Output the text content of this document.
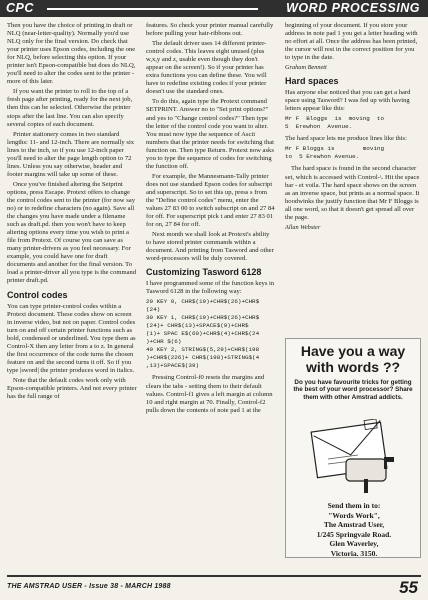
CPC	WORD PROCESSING

Then you have the choice of printing in draft or NLQ (near-letter-quality). Normally you'd use NLQ only for the final version. Do check that your printer uses Epson codes, including the one for NLQ, before selecting this option. If your printer isn't Epson-compatible but does do NLQ, you'll need to alter the codes sent to the printer - more of this later.

If you want the printer to roll to the top of a fresh page after printing, ready for the next job, then this can be selected. Otherwise the printer stops after the last line. You can also specify several copies of each document.

Printer stationery comes in two standard lengths: 11- and 12-inch. There are normally six lines to the inch, so if you use 12-inch paper you'll need to alter the page length option to 72 lines. Unless you say otherwise, header and footer margins will take up some of these.

Once you've finished altering the Setprint options, press Escape. Protext offers to change the control codes sent to the printer (for now say no) or to redefine characters (no again). Save all the changes you have made under a filename such as draft.pd. then you won't have to keep altering options every time you wish to print a file from Protext. Of course you can save as many printer-drivers as you feel necessary. For example, you could have one for draft documents and another for the final version. To load a printer-driver all you type is the command printer draft.pd.

Control codes

You can type printer-control codes within a Protext document. These codes show on screen in inverse video, but not on paper. Control codes turn on and off certain printer functions such as bold, condensed or underlined. You type them as Control-X then any letter from a to z. In general the first occurrence of the code turns the chosen feature on and the second turns it off. So if you type |sword| the printer produces word in italics.

Note that the default codes work only with Epson-compatible printers. And not every printer has the full range of

features. So check your printer manual carefully before pulling your hair-ribbons out.

The default driver uses 14 different printer-control codes. This leaves eight unused (plus w,x,y and z, usable even though they don't appear on the screen!). So if your printer has extra functions you can define these. You will have to redefine existing codes if your printer doesn't use the standard ones.

To do this, again type the Protext command SETPRINT. Answer no to "Set print options?" and yes to "Change control codes?" Then type the letter of the control code you want to alter. You must now type the sequence of Ascii numbers that the printer needs for switching that function on. Then type Return. Protext now asks you to type the sequence of codes for switching the function off.

For example, the Mannesmann-Tally printer does not use standard Epson codes for subscript and superscript. So to set this up, press s from the "Define control codes" menu, enter the values 27 83 00 to switch subscript on and 27 84 for off. For superscript pick t and enter 27 83 01 for on, 27 84 for off.

Next month we shall look at Protext's ability to have stored printer commands within a document. And printing from Tasword and other word-processors will be duly covered.

Customizing Tasword 6128

I have programmed some of the function keys in Tasword 6128 in the following way:

20 KEY 0, CHR$(19)+CHR$(26)+CHR$
(24)
30 KEY 1, CHR$(19)+CHR$(26)+CHR$
(24)+ CHR$(13)+SPACE$(9)+CHR$
(1)+ SPAC E$(60)+CHR$(4)+CHR$(24
)+CHR $(6)
40 KEY 2, STRING$(5,29)+CHR$(198
)+CHR$(226)+ CHR$(198)+STRING$(4
,13)+SPACE$(39)

Pressing Control-f0 resets the margins and clears the tabs - setting them to their default values. Control-f1 gives a left margin at column 10 and right margin at 70. Finally, Control-f2 pulls down the contents of note pad 1 at the

beginning of your document. If you store your address in note pad 1 you get a letter heading with no effort at all. Once the address has been printed, the cursor will rest in the correct position for you to type in the date.

Graham Bennett

Hard spaces

Has anyone else noticed that you can get a hard space using Tasword? I was fed up with having letters appear like this:

Mr F  Bloggs  is  moving  to
5  Erewhon  Avenue.

The hard space lets me produce lines like this:

Mr F Bloggs is        moving
to  5 Erewhon Avenue.

The hard space is found in the second character set, which is accessed with Control-\. Hit the space bar - et voila. The hard space shows on the screen as an inverse space, but prints as a normal space. It hoodwinks the justify function that Mr F Bloggs is all one word, so that it doesn't get spread all over the page.

Allan Webster

Have you a way with words ??
Do you have favourite tricks for getting the best of your word processor? Share them with other Amstrad addicts.
Send them in to:
"Words Work",
The Amstrad User,
1/245 Springvale Road.
Glen Waverley,
Victoria. 3150.
THE AMSTRAD USER - Issue 38 - MARCH 1988	55
